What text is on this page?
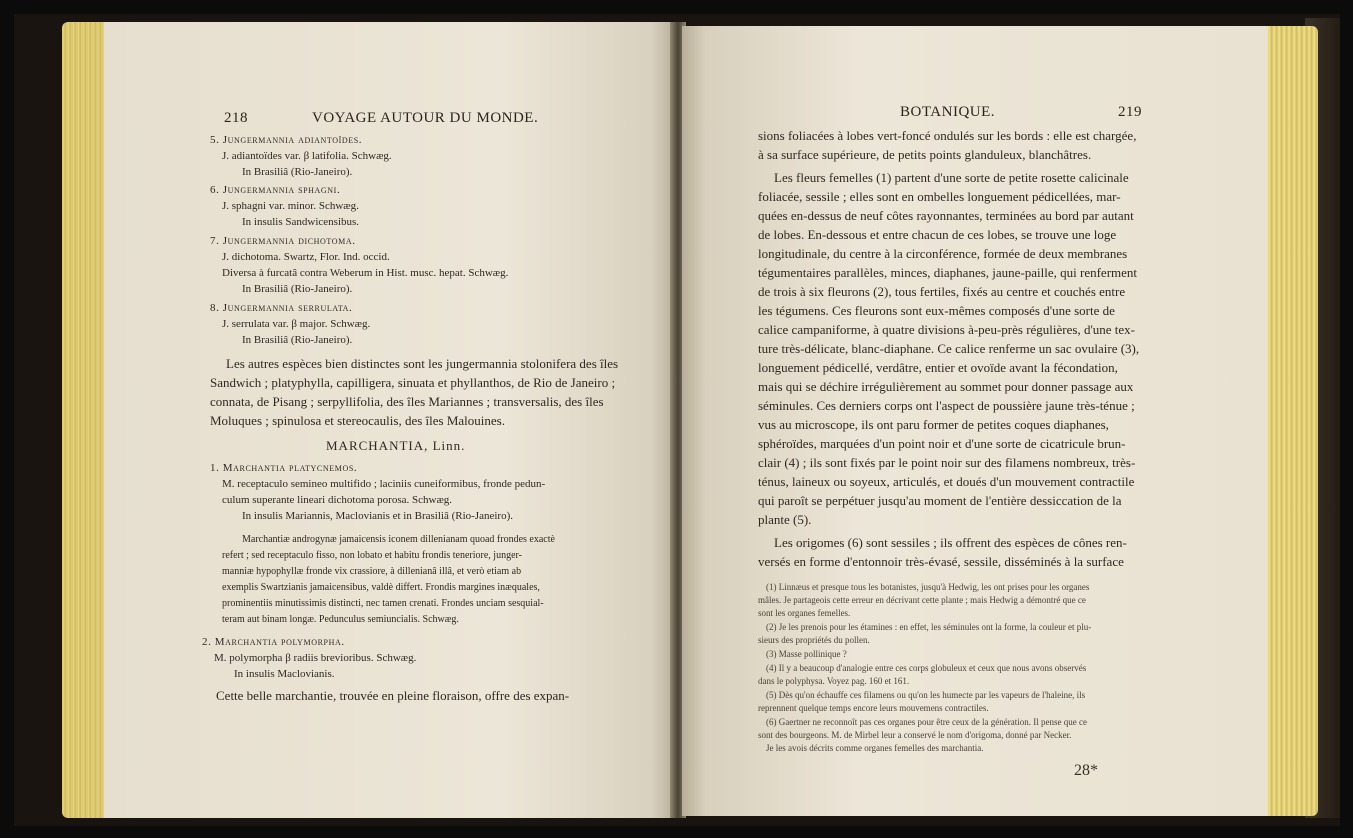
218	VOYAGE AUTOUR DU MONDE.
5. Jungermannia adiantoïdes.
J. adiantoïdes var. β latifolia. Schwæg.
In Brasiliâ (Rio-Janeiro).
6. Jungermannia sphagni.
J. sphagni var. minor. Schwæg.
In insulis Sandwicensibus.
7. Jungermannia dichotoma.
J. dichotoma. Swartz, Flor. Ind. occid.
Diversa à furcatâ contra Weberum in Hist. musc. hepat. Schwæg.
In Brasiliâ (Rio-Janeiro).
8. Jungermannia serrulata.
J. serrulata var. β major. Schwæg.
In Brasiliâ (Rio-Janeiro).
Les autres espèces bien distinctes sont les jungermannia stolonifera des îles
Sandwich ; platyphylla, capilligera, sinuata et phyllanthos, de Rio de Janeiro ;
connata, de Pisang ; serpyllifolia, des îles Mariannes ; transversalis, des îles
Moluques ; spinulosa et stereocaulis, des îles Malouines.
MARCHANTIA, Linn.
1. Marchantia platycnemos.
M. receptaculo semineo multifido ; laciniis cuneiformibus, fronde pedun-
culum superante lineari dichotoma porosa. Schwæg.
In insulis Mariannis, Maclovianis et in Brasiliâ (Rio-Janeiro).
Marchantiæ androgynæ jamaicensis iconem dillenianam quoad frondes exactè
refert ; sed receptaculo fisso, non lobato et habitu frondis teneriore, junger-
manniæ hypophyllæ fronde vix crassiore, à dillenianâ illâ, et verò etiam ab
exemplis Swartzianis jamaicensibus, valdè differt. Frondis margines inæquales,
prominentiis minutissimis distincti, nec tamen crenati. Frondes unciam sesquial-
teram aut binam longæ. Pedunculus semiuncialis. Schwæg.
2. Marchantia polymorpha.
M. polymorpha β radiis brevioribus. Schwæg.
In insulis Maclovianis.
Cette belle marchantie, trouvée en pleine floraison, offre des expan-
BOTANIQUE.	219
sions foliacées à lobes vert-foncé ondulés sur les bords : elle est chargée,
à sa surface supérieure, de petits points glanduleux, blanchâtres.
Les fleurs femelles (1) partent d'une sorte de petite rosette calicinale
foliacée, sessile ; elles sont en ombelles longuement pédicellées, mar-
quées en-dessus de neuf côtes rayonnantes, terminées au bord par autant
de lobes. En-dessous et entre chacun de ces lobes, se trouve une loge
longitudinale, du centre à la circonférence, formée de deux membranes
tégumentaires parallèles, minces, diaphanes, jaune-paille, qui renferment
de trois à six fleurons (2), tous fertiles, fixés au centre et couchés entre
les tégumens. Ces fleurons sont eux-mêmes composés d'une sorte de
calice campaniforme, à quatre divisions à-peu-près régulières, d'une tex-
ture très-délicate, blanc-diaphane. Ce calice renferme un sac ovulaire (3),
longuement pédicellé, verdâtre, entier et ovoïde avant la fécondation,
mais qui se déchire irrégulièrement au sommet pour donner passage aux
séminules. Ces derniers corps ont l'aspect de poussière jaune très-ténue ;
vus au microscope, ils ont paru former de petites coques diaphanes,
sphéroïdes, marquées d'un point noir et d'une sorte de cicatricule brun-
clair (4) ; ils sont fixés par le point noir sur des filamens nombreux, très-
ténus, laineux ou soyeux, articulés, et doués d'un mouvement contractile
qui paroît se perpétuer jusqu'au moment de l'entière dessiccation de la
plante (5).
Les origomes (6) sont sessiles ; ils offrent des espèces de cônes ren-
versés en forme d'entonnoir très-évasé, sessile, disséminés à la surface
(1) Linnæus et presque tous les botanistes, jusqu'à Hedwig, les ont prises pour les organes
mâles. Je partageois cette erreur en décrivant cette plante ; mais Hedwig a démontré que ce
sont les organes femelles.
(2) Je les prenois pour les étamines : en effet, les séminules ont la forme, la couleur et plu-
sieurs des propriétés du pollen.
(3) Masse pollinique ?
(4) Il y a beaucoup d'analogie entre ces corps globuleux et ceux que nous avons observés
dans le polyphysa. Voyez pag. 160 et 161.
(5) Dès qu'on échauffe ces filamens ou qu'on les humecte par les vapeurs de l'haleine, ils
reprennent quelque temps encore leurs mouvemens contractiles.
(6) Gaertner ne reconnoît pas ces organes pour être ceux de la génération. Il pense que ce
sont des bourgeons. M. de Mirbel leur a conservé le nom d'origoma, donné par Necker.
Je les avois décrits comme organes femelles des marchantia.
28*
